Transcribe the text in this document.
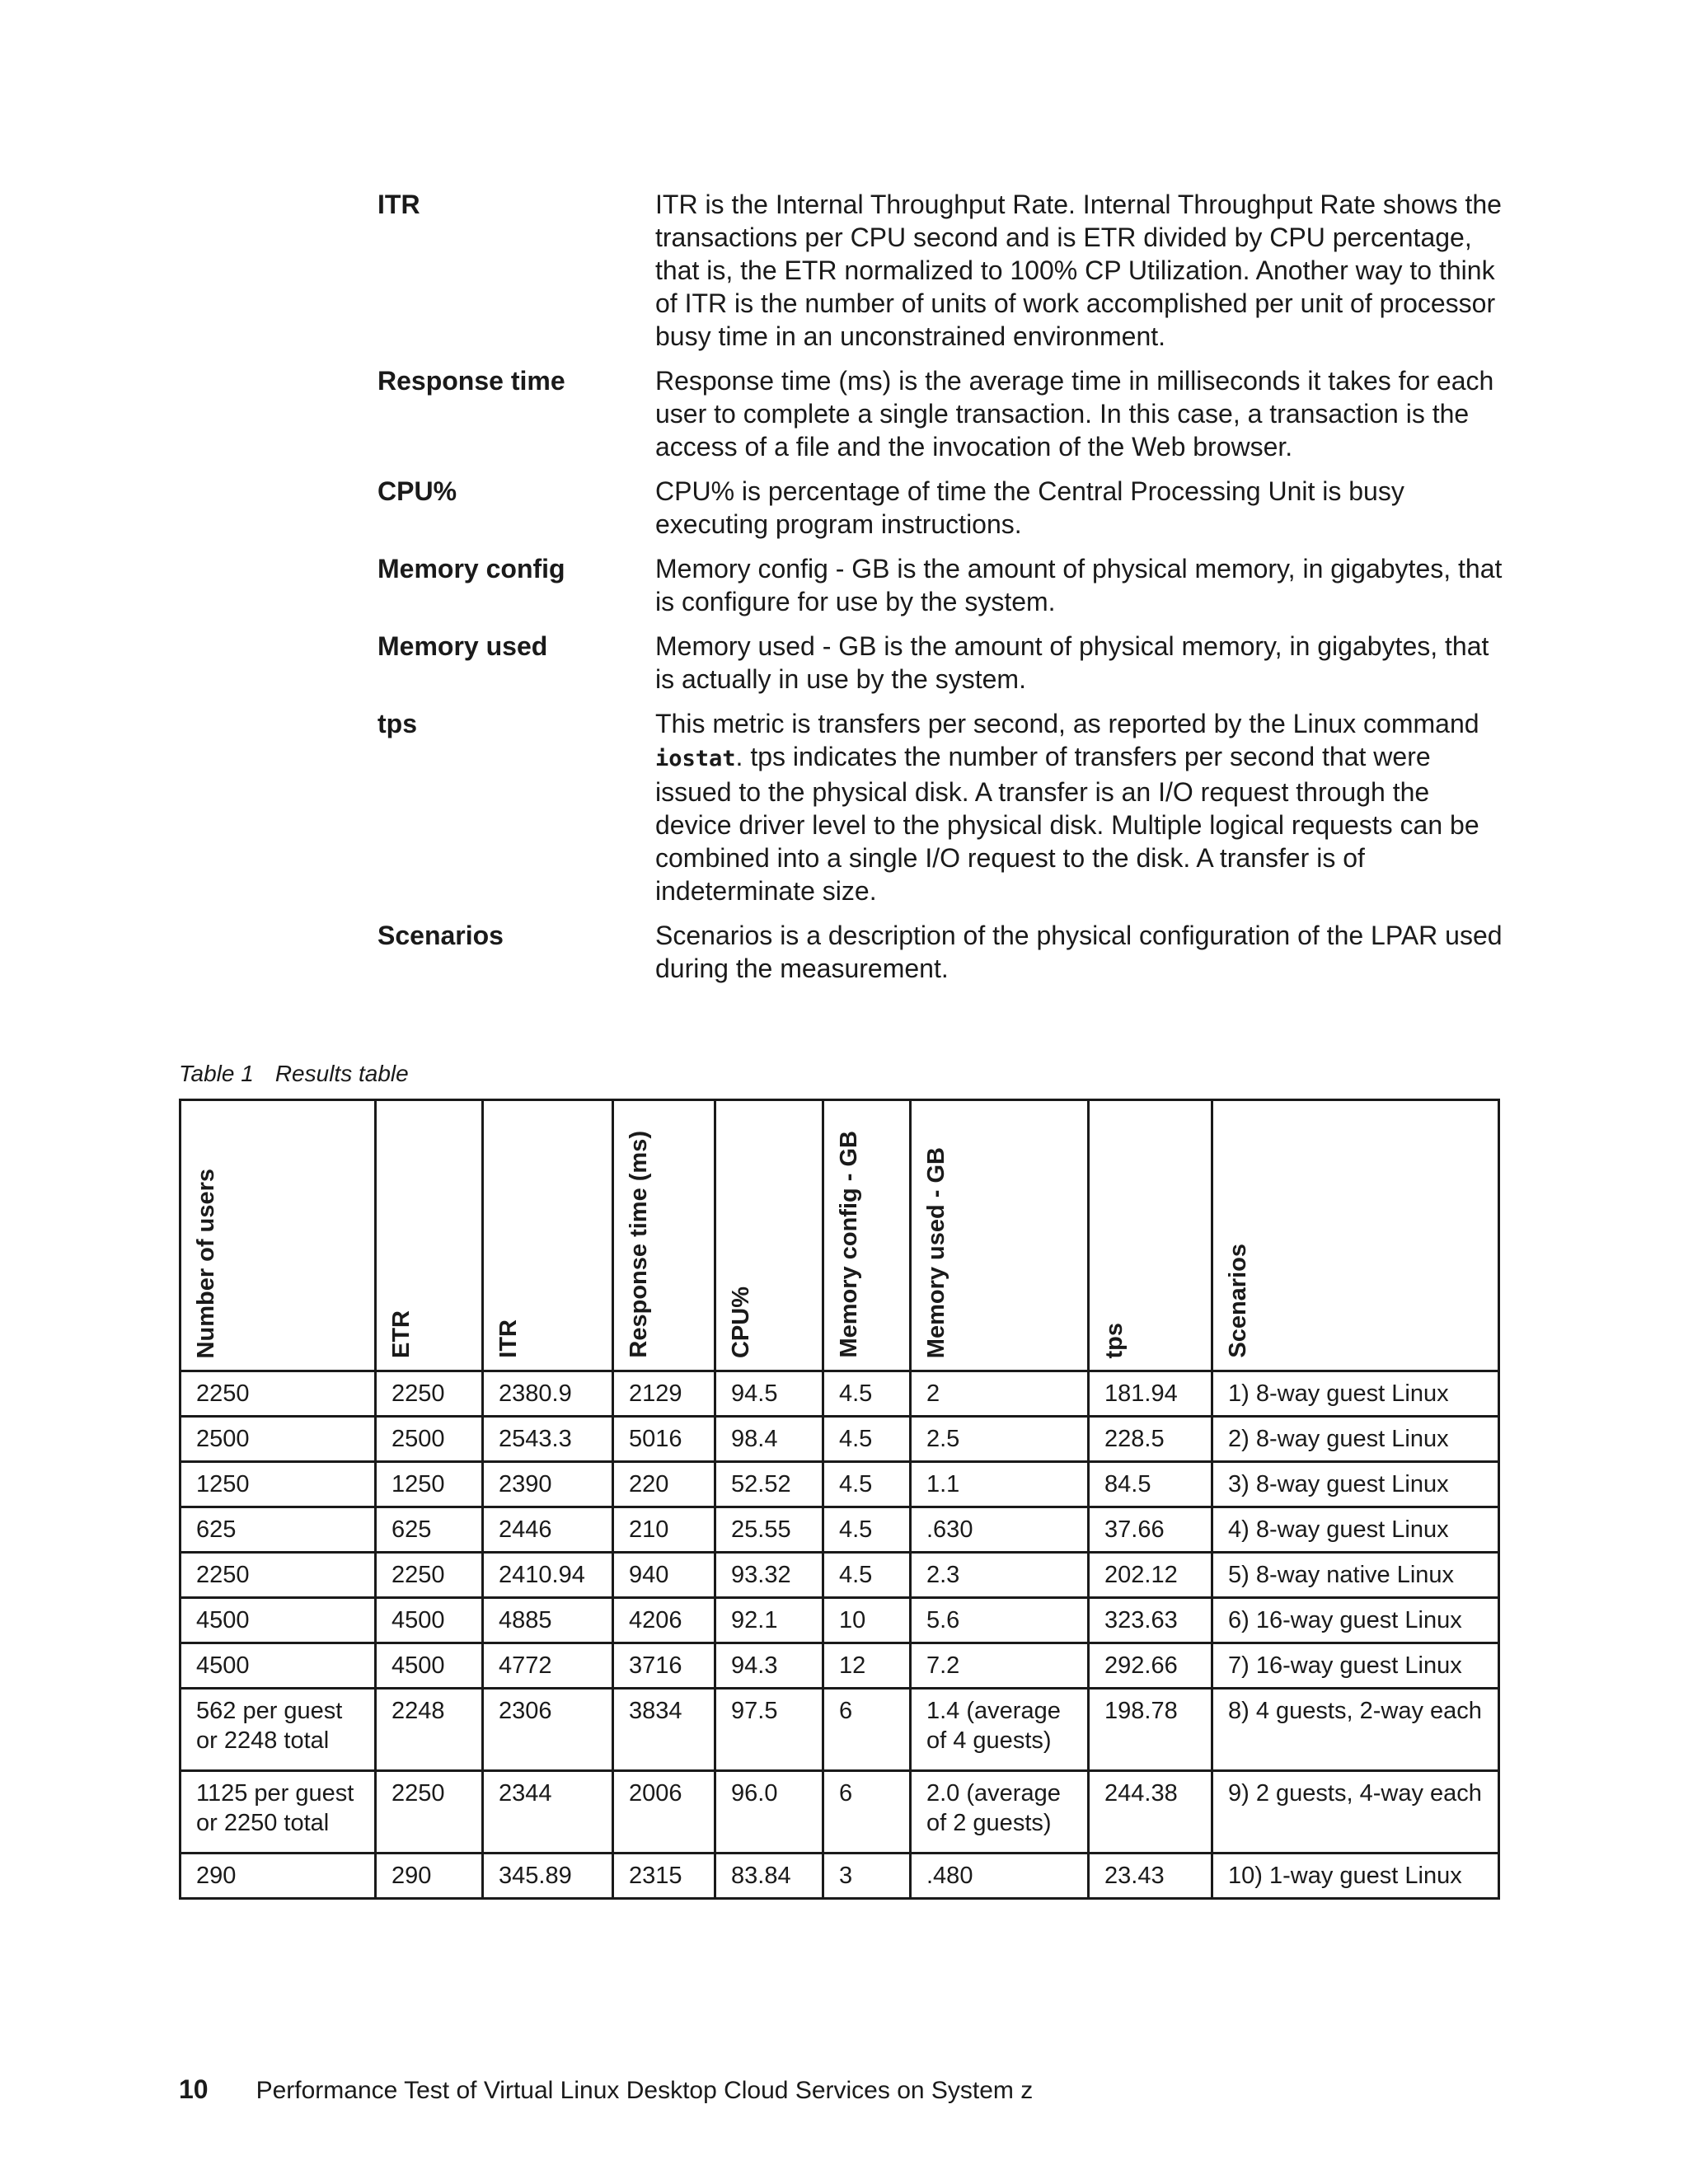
ITR	ITR is the Internal Throughput Rate. Internal Throughput Rate shows the transactions per CPU second and is ETR divided by CPU percentage, that is, the ETR normalized to 100% CP Utilization. Another way to think of ITR is the number of units of work accomplished per unit of processor busy time in an unconstrained environment.
Response time	Response time (ms) is the average time in milliseconds it takes for each user to complete a single transaction. In this case, a transaction is the access of a file and the invocation of the Web browser.
CPU%	CPU% is percentage of time the Central Processing Unit is busy executing program instructions.
Memory config	Memory config - GB is the amount of physical memory, in gigabytes, that is configure for use by the system.
Memory used	Memory used - GB is the amount of physical memory, in gigabytes, that is actually in use by the system.
tps	This metric is transfers per second, as reported by the Linux command iostat. tps indicates the number of transfers per second that were issued to the physical disk. A transfer is an I/O request through the device driver level to the physical disk. Multiple logical requests can be combined into a single I/O request to the disk. A transfer is of indeterminate size.
Scenarios	Scenarios is a description of the physical configuration of the LPAR used during the measurement.
Table 1 Results table
Number of users	ETR	ITR	Response time (ms)	CPU%	Memory config - GB	Memory used - GB	tps	Scenarios

2250	2250	2380.9	2129	94.5	4.5	2	181.94	1) 8-way guest Linux
2500	2500	2543.3	5016	98.4	4.5	2.5	228.5	2) 8-way guest Linux
1250	1250	2390	220	52.52	4.5	1.1	84.5	3) 8-way guest Linux
625	625	2446	210	25.55	4.5	.630	37.66	4) 8-way guest Linux
2250	2250	2410.94	940	93.32	4.5	2.3	202.12	5) 8-way native Linux
4500	4500	4885	4206	92.1	10	5.6	323.63	6) 16-way guest Linux
4500	4500	4772	3716	94.3	12	7.2	292.66	7) 16-way guest Linux
562 per guest or 2248 total	2248	2306	3834	97.5	6	1.4 (average of 4 guests)	198.78	8) 4 guests, 2-way each
1125 per guest or 2250 total	2250	2344	2006	96.0	6	2.0 (average of 2 guests)	244.38	9) 2 guests, 4-way each
290	290	345.89	2315	83.84	3	.480	23.43	10) 1-way guest Linux
10 Performance Test of Virtual Linux Desktop Cloud Services on System z
